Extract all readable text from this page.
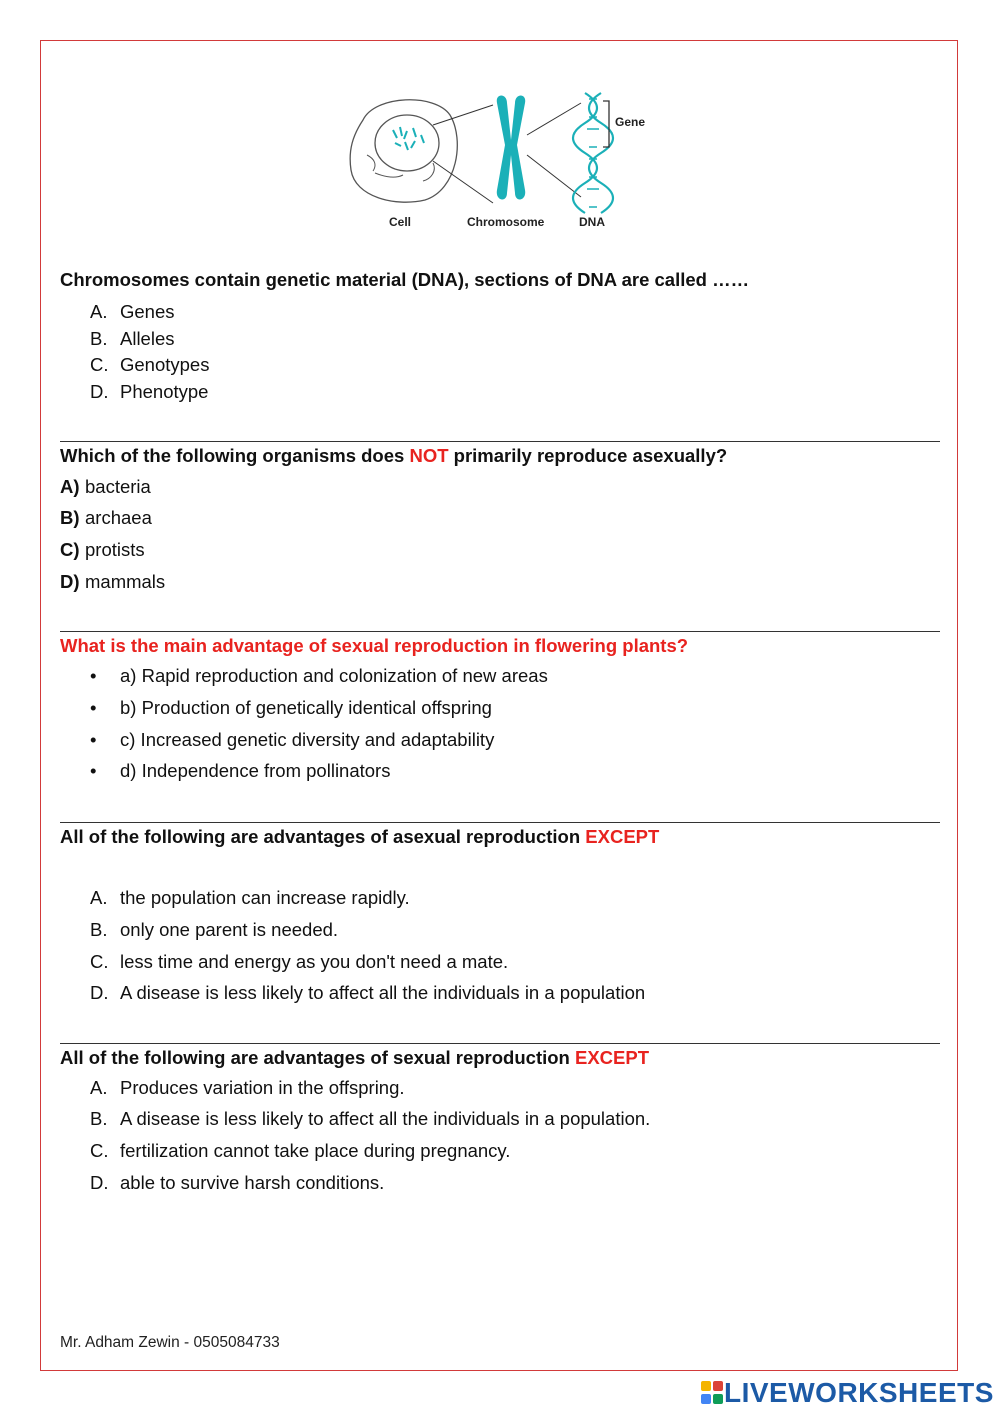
Gene
Cell	Chromosome	DNA
Chromosomes contain genetic material (DNA), sections of DNA are called ……
A. Genes
B. Alleles
C. Genotypes
D. Phenotype
Which of the following organisms does NOT primarily reproduce asexually?
A) bacteria
B) archaea
C) protists
D) mammals
What is the main advantage of sexual reproduction in flowering plants?
• a) Rapid reproduction and colonization of new areas
• b) Production of genetically identical offspring
• c) Increased genetic diversity and adaptability
• d) Independence from pollinators
All of the following are advantages of asexual reproduction EXCEPT
A. the population can increase rapidly.
B. only one parent is needed.
C. less time and energy as you don't need a mate.
D. A disease is less likely to affect all the individuals in a population
All of the following are advantages of sexual reproduction EXCEPT
A. Produces variation in the offspring.
B. A disease is less likely to affect all the individuals in a population.
C. fertilization cannot take place during pregnancy.
D. able to survive harsh conditions.
Mr. Adham Zewin - 0505084733
LIVEWORKSHEETS
